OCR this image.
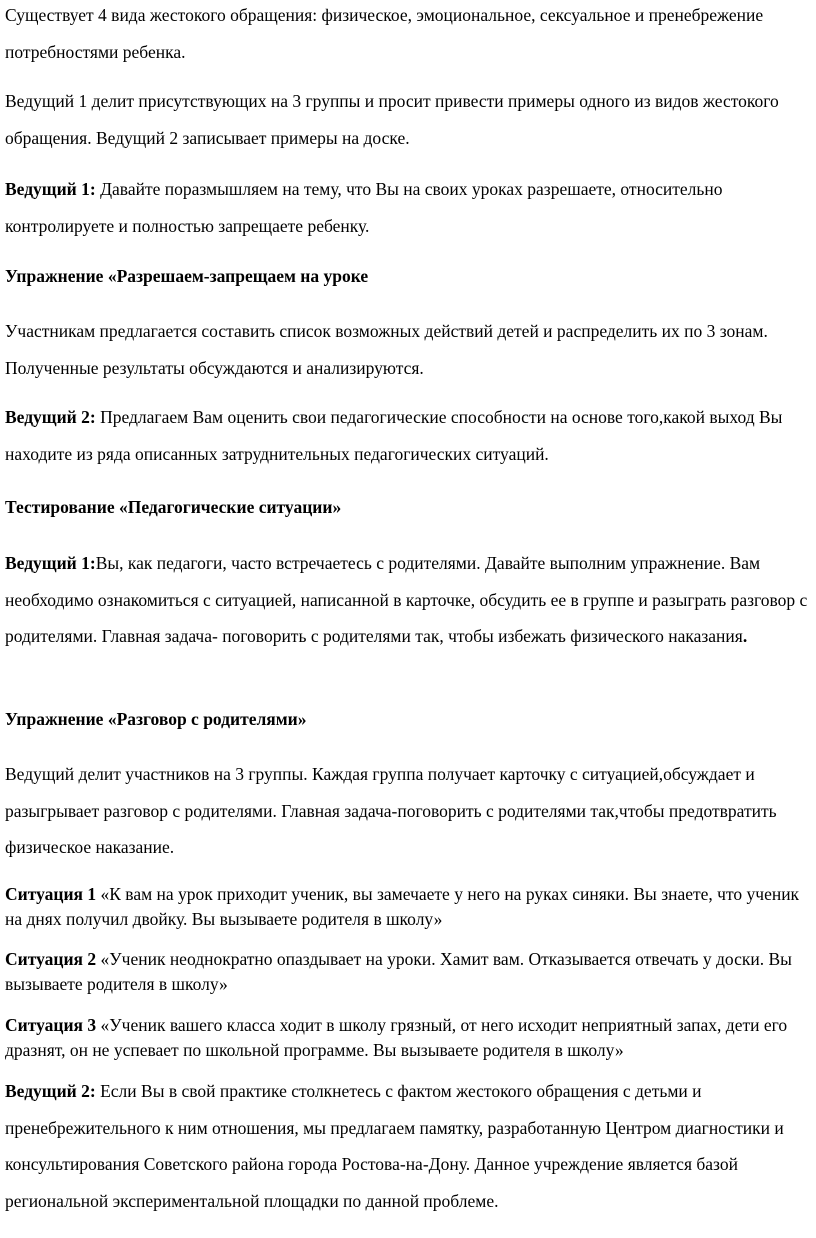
Существует 4 вида жестокого обращения: физическое, эмоциональное, сексуальное и пренебрежение потребностями ребенка.

Ведущий 1 делит присутствующих на 3 группы и просит привести примеры одного из видов жестокого обращения. Ведущий 2 записывает примеры на доске.

Ведущий 1: Давайте поразмышляем на тему, что Вы на своих уроках разрешаете, относительно контролируете и полностью запрещаете ребенку.

Упражнение «Разрешаем-запрещаем на уроке

Участникам предлагается составить список возможных действий детей и распределить их по 3 зонам. Полученные результаты обсуждаются и анализируются.

Ведущий 2: Предлагаем Вам оценить свои педагогические способности на основе того,какой выход Вы находите из ряда описанных затруднительных педагогических ситуаций.

Тестирование «Педагогические ситуации»

Ведущий 1:Вы, как педагоги, часто встречаетесь с родителями. Давайте выполним упражнение. Вам необходимо ознакомиться с ситуацией, написанной в карточке, обсудить ее в группе и разыграть разговор с родителями. Главная задача- поговорить с родителями так, чтобы избежать физического наказания.

Упражнение «Разговор с родителями»

Ведущий делит участников на 3 группы. Каждая группа получает карточку с ситуацией,обсуждает и разыгрывает разговор с родителями. Главная задача-поговорить с родителями так,чтобы предотвратить физическое наказание.

Ситуация 1 «К вам на урок приходит ученик, вы замечаете у него на руках синяки. Вы знаете, что ученик на днях получил двойку. Вы вызываете родителя в школу»

Ситуация 2 «Ученик неоднократно опаздывает на уроки. Хамит вам. Отказывается отвечать у доски. Вы вызываете родителя в школу»

Ситуация 3 «Ученик вашего класса ходит в школу грязный, от него исходит неприятный запах, дети его дразнят, он не успевает по школьной программе. Вы вызываете родителя в школу»

Ведущий 2: Если Вы в свой практике столкнетесь с фактом жестокого обращения с детьми и пренебрежительного к ним отношения, мы предлагаем памятку, разработанную Центром диагностики и консультирования Советского района города Ростова-на-Дону. Данное учреждение является базой региональной экспериментальной площадки по данной проблеме.
